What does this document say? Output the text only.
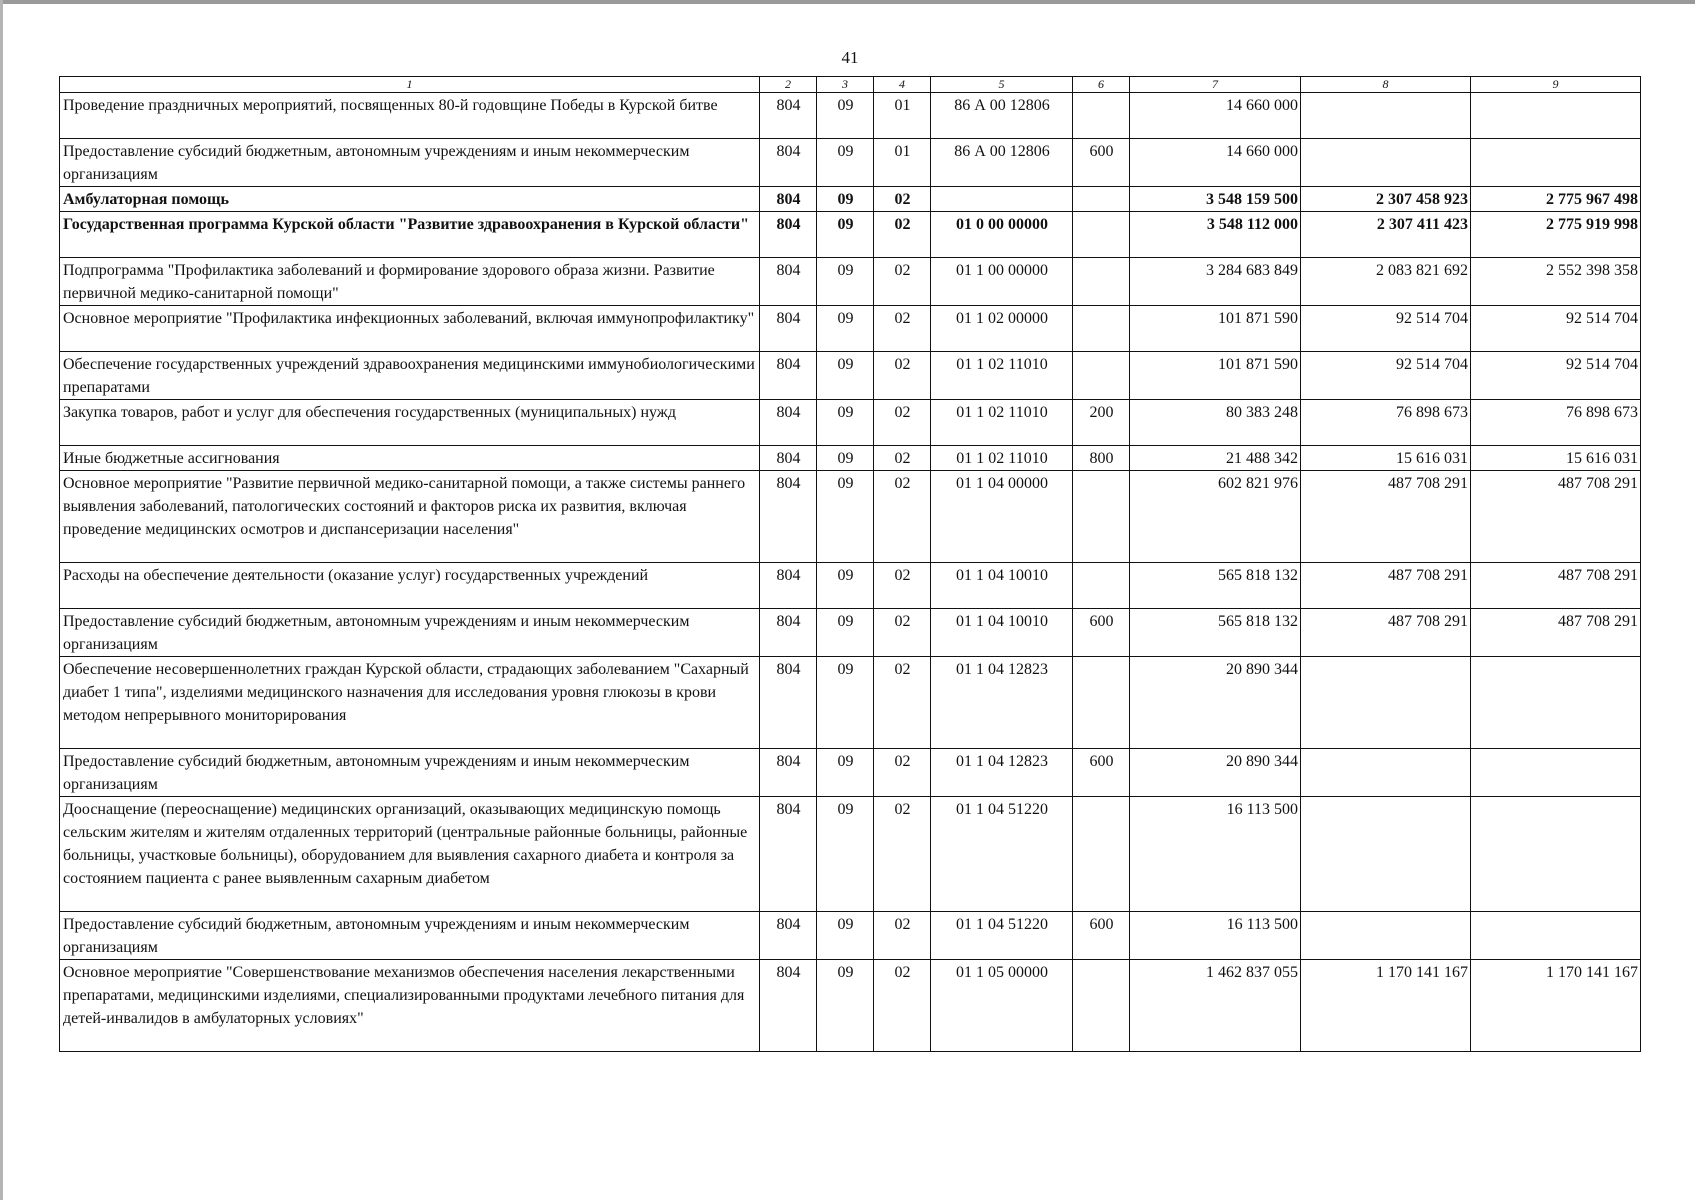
41
1	2	3	4	5	6	7	8	9
Проведение праздничных мероприятий, посвященных 80-й годовщине Победы в Курской битве	804	09	01	86 А 00 12806		14 660 000		
Предоставление субсидий бюджетным, автономным учреждениям и иным некоммерческим организациям	804	09	01	86 А 00 12806	600	14 660 000		
Амбулаторная помощь	804	09	02			3 548 159 500	2 307 458 923	2 775 967 498
Государственная программа Курской области "Развитие здравоохранения в Курской области"	804	09	02	01 0 00 00000		3 548 112 000	2 307 411 423	2 775 919 998
Подпрограмма "Профилактика заболеваний и формирование здорового образа жизни. Развитие первичной медико-санитарной помощи"	804	09	02	01 1 00 00000		3 284 683 849	2 083 821 692	2 552 398 358
Основное мероприятие "Профилактика инфекционных заболеваний, включая иммунопрофилактику"	804	09	02	01 1 02 00000		101 871 590	92 514 704	92 514 704
Обеспечение государственных учреждений здравоохранения медицинскими иммунобиологическими препаратами	804	09	02	01 1 02 11010		101 871 590	92 514 704	92 514 704
Закупка товаров, работ и услуг для обеспечения государственных (муниципальных) нужд	804	09	02	01 1 02 11010	200	80 383 248	76 898 673	76 898 673
Иные бюджетные ассигнования	804	09	02	01 1 02 11010	800	21 488 342	15 616 031	15 616 031
Основное мероприятие "Развитие первичной медико-санитарной помощи, а также системы раннего выявления заболеваний, патологических состояний и факторов риска их развития, включая проведение медицинских осмотров и диспансеризации населения"	804	09	02	01 1 04 00000		602 821 976	487 708 291	487 708 291
Расходы на обеспечение деятельности (оказание услуг) государственных учреждений	804	09	02	01 1 04 10010		565 818 132	487 708 291	487 708 291
Предоставление субсидий бюджетным, автономным учреждениям и иным некоммерческим организациям	804	09	02	01 1 04 10010	600	565 818 132	487 708 291	487 708 291
Обеспечение несовершеннолетних граждан Курской области, страдающих заболеванием "Сахарный диабет 1 типа", изделиями медицинского назначения для исследования уровня глюкозы в крови методом непрерывного мониторирования	804	09	02	01 1 04 12823		20 890 344		
Предоставление субсидий бюджетным, автономным учреждениям и иным некоммерческим организациям	804	09	02	01 1 04 12823	600	20 890 344		
Дооснащение (переоснащение) медицинских организаций, оказывающих медицинскую помощь сельским жителям и жителям отдаленных территорий (центральные районные больницы, районные больницы, участковые больницы), оборудованием для выявления сахарного диабета и контроля за состоянием пациента с ранее выявленным сахарным диабетом	804	09	02	01 1 04 51220		16 113 500		
Предоставление субсидий бюджетным, автономным учреждениям и иным некоммерческим организациям	804	09	02	01 1 04 51220	600	16 113 500		
Основное мероприятие "Совершенствование механизмов обеспечения населения лекарственными препаратами, медицинскими изделиями, специализированными продуктами лечебного питания для детей-инвалидов в амбулаторных условиях"	804	09	02	01 1 05 00000		1 462 837 055	1 170 141 167	1 170 141 167
